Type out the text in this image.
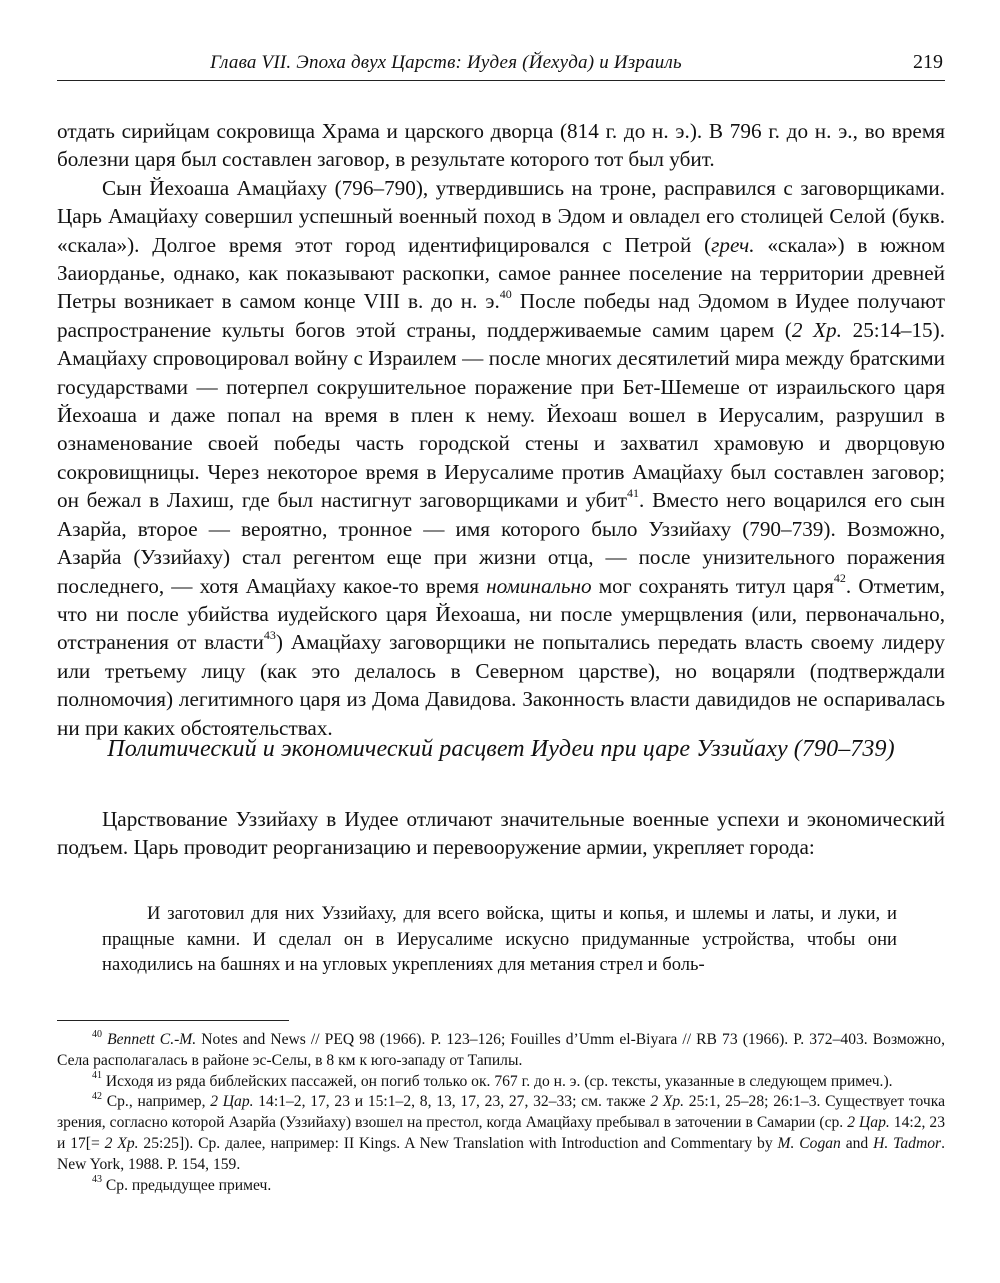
Глава VII. Эпоха двух Царств: Иудея (Йехуда) и Израиль	219

отдать сирийцам сокровища Храма и царского дворца (814 г. до н. э.). В 796 г. до н. э., во время болезни царя был составлен заговор, в результате которого тот был убит.

Сын Йехоаша Амацйаху (796–790), утвердившись на троне, расправился с заговорщиками. Царь Амацйаху совершил успешный военный поход в Эдом и овладел его столицей Селой (букв. «скала»). Долгое время этот город идентифицировался с Петрой (греч. «скала») в южном Заиорданье, однако, как показывают раскопки, самое раннее поселение на территории древней Петры возникает в самом конце VIII в. до н. э.$^{40}$ После победы над Эдомом в Иудее получают распространение культы богов этой страны, поддерживаемые самим царем (2 Хр. 25:14–15). Амацйаху спровоцировал войну с Израилем — после многих десятилетий мира между братскими государствами — потерпел сокрушительное поражение при Бет-Шемеше от израильского царя Йехоаша и даже попал на время в плен к нему. Йехоаш вошел в Иерусалим, разрушил в ознаменование своей победы часть городской стены и захватил храмовую и дворцовую сокровищницы. Через некоторое время в Иерусалиме против Амацйаху был составлен заговор; он бежал в Лахиш, где был настигнут заговорщиками и убит$^{41}$. Вместо него воцарился его сын Азарйа, второе — вероятно, тронное — имя которого было Уззийаху (790–739). Возможно, Азарйа (Уззийаху) стал регентом еще при жизни отца, — после унизительного поражения последнего, — хотя Амацйаху какое-то время номинально мог сохранять титул царя$^{42}$. Отметим, что ни после убийства иудейского царя Йехоаша, ни после умерщвления (или, первоначально, отстранения от власти$^{43}$) Амацйаху заговорщики не попытались передать власть своему лидеру или третьему лицу (как это делалось в Северном царстве), но воцаряли (подтверждали полномочия) легитимного царя из Дома Давидова. Законность власти давидидов не оспаривалась ни при каких обстоятельствах.

Политический и экономический расцвет Иудеи при царе Уззийаху (790–739)

Царствование Уззийаху в Иудее отличают значительные военные успехи и экономический подъем. Царь проводит реорганизацию и перевооружение армии, укрепляет города:

И заготовил для них Уззийаху, для всего войска, щиты и копья, и шлемы и латы, и луки, и пращные камни. И сделал он в Иерусалиме искусно придуманные устройства, чтобы они находились на башнях и на угловых укреплениях для метания стрел и боль-

$^{40}$ Bennett C.-M. Notes and News // PEQ 98 (1966). P. 123–126; Fouilles d’Umm el-Biyara // RB 73 (1966). P. 372–403. Возможно, Села располагалась в районе эс-Селы, в 8 км к юго-западу от Тапилы.

$^{41}$ Исходя из ряда библейских пассажей, он погиб только ок. 767 г. до н. э. (ср. тексты, указанные в следующем примеч.).

$^{42}$ Ср., например, 2 Цар. 14:1–2, 17, 23 и 15:1–2, 8, 13, 17, 23, 27, 32–33; см. также 2 Хр. 25:1, 25–28; 26:1–3. Существует точка зрения, согласно которой Азарйа (Уззийаху) взошел на престол, когда Амацйаху пребывал в заточении в Самарии (ср. 2 Цар. 14:2, 23 и 17[= 2 Хр. 25:25]). Ср. далее, например: II Kings. A New Translation with Introduction and Commentary by M. Cogan and H. Tadmor. New York, 1988. P. 154, 159.

$^{43}$ Ср. предыдущее примеч.
